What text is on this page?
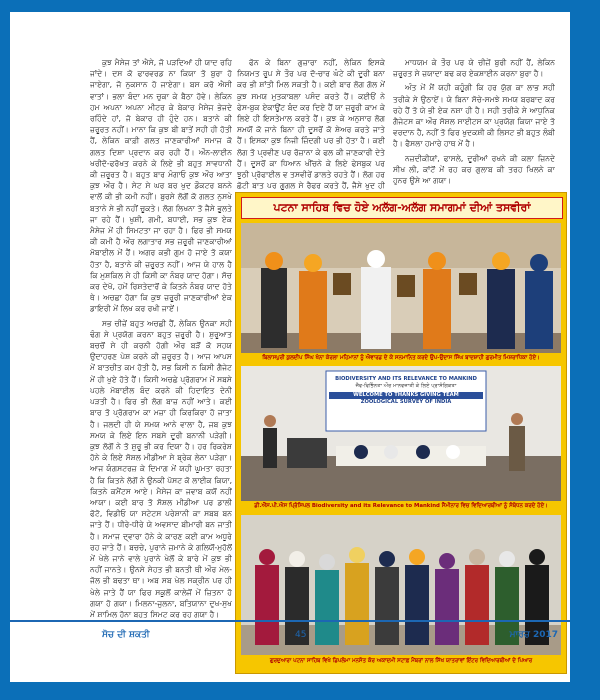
ਕੁਝ ਮੈਸੇਜ ਤਾਂ ਐਸੇ, ਜੋ ਪੜਦਿਆਂ ਹੀ ਯਾਦ ਰਹਿ ਜਾਂਦੇ। ਦਸ ਕੋ ਫਾਰਵਰਡ ਨਾ ਕਿਯਾ ਤੋ ਬੁਰਾ ਹੋ ਜਾਏਗਾ, ਜੋ ਨੁਕਸਾਨ ਹੋ ਜਾਏਗਾ। ਬਸ ਕਰੋ ਐਸੀ ਵਾਤਾਂ। ਭਲਾ ਬੰਦਾ ਮਨ ਚੁਕਾ ਕੇ ਬੈਠਾ ਹੋਵੇ। ਲੇਕਿਨ ਹਮ ਅਪਨਾ ਅਪਨਾ ਮੀਟਰ ਕੇ ਬੇਕਾਰ ਮੈਸੇਜ ਭੇਜਦੇ ਰਹਿੰਦੇ ਹਾਂ, ਜੋ ਬੇਕਾਰ ਹੀ ਹੁੰਦੇ ਹਨ। ਬਤਾਨੇ ਕੀ ਜ਼ਰੂਰਤ ਨਹੀਂ। ਮਾਨਾ ਕਿ ਕੁਝ ਬੀ ਬਾਤੇਂ ਸਹੀ ਹੀ ਹੋਤੀ ਹੈਂ, ਲੇਕਿਨ ਕਾਫ਼ੀ ਗਲਤ ਜਾਣਕਾਰੀਆਂ ਸਮਾਜ ਕੋ ਗਲਤ ਦਿਸ਼ਾ ਪ੍ਰਦਾਨ ਕਰ ਰਹੀ ਹੈਂ। ਔਨ-ਲਾਈਨ ਖਰੀਦੋ-ਫਰੋਖਤ ਕਰਨੇ ਕੇ ਲਿਏ ਭੀ ਬਹੁਤ ਸਾਵਧਾਨੀ ਕੀ ਜ਼ਰੂਰਤ ਹੈ। ਬਹੁਤ ਬਾਰ ਮੰਗਾਓ ਕੁਝ ਔਰ ਆਤਾ ਕੁਝ ਔਰ ਹੈ। ਸੇਟ ਸੇ ਘਰ ਬਰ ਖੁਦ ਡੌਕਟਰ ਬਨਨੇ ਵਾਲੋਂ ਕੀ ਭੀ ਕਮੀ ਨਹੀਂ। ਬੁਰਸੇ ਲੋਗੋਂ ਕੋ ਗਲਤ ਨੁਸਖੇ ਬਤਾਨੇ ਸੇ ਭੀ ਨਹੀਂ ਚੂਕਤੇ। ਲੋਗ ਲਿਖਨਾ ਤੋ ਜੈਸੇ ਭੂਲਤੇ ਜਾ ਰਹੇ ਹੈਂ। ਖੁਸ਼ੀ, ਗਮੀ, ਬਧਾਈ, ਸਭ ਕੁਝ ਏਕ ਮੈਸੇਜ ਮੇਂ ਹੀ ਸਿਮਟਤਾ ਜਾ ਰਹਾ ਹੈ। ਫਿਰ ਭੀ ਸਮਯ ਕੀ ਕਮੀ ਹੈ ਔਰ ਲਗਾਤਾਰ ਸਭ ਜ਼ਰੂਰੀ ਜਾਣਕਾਰੀਆਂ ਮੋਬਾਈਲ ਮੇਂ ਹੈਂ। ਅਗਰ ਕਭੀ ਗੁਮ ਹੋ ਜਾਏ ਤੋ ਕਯਾ ਹੋਤਾ ਹੈ, ਬਤਾਨੇ ਕੀ ਜ਼ਰੂਰਤ ਨਹੀਂ। ਆਜ ਯੇ ਹਾਲ ਹੈ ਕਿ ਮੁਸ਼ਕਿਲ ਸੇ ਹੀ ਕਿਸੀ ਕਾ ਨੰਬਰ ਯਾਦ ਹੋਗਾ। ਸੋਚ ਕਰ ਦੇਖੋ, ਹਮੇਂ ਰਿਸ਼ਤੇਦਾਰੋਂ ਕੇ ਕਿਤਨੇ ਨੰਬਰ ਯਾਦ ਹੋਤੇ ਥੇ। ਅਚਛਾ ਹੋਗਾ ਕਿ ਕੁਝ ਜ਼ਰੂਰੀ ਜਾਣਕਾਰੀਆਂ ਏਕ ਡਾਇਰੀ ਮੇਂ ਲਿਖ ਕਰ ਰਖੀ ਜਾਏਂ।

ਸਭ ਚੀਜ਼ੇਂ ਬਹੁਤ ਅਚਛੀ ਹੈਂ, ਲੇਕਿਨ ਉਨਕਾ ਸਹੀ ਢੰਗ ਸੇ ਪ੍ਰਯੋਗ ਕਰਨਾ ਬਹੁਤ ਜ਼ਰੂਰੀ ਹੈ। ਸ਼ੁਰੂਆਤ ਬਚਚੋਂ ਸੇ ਹੀ ਕਰਨੀ ਹੋਗੀ ਔਰ ਬੜੋਂ ਕੋ ਸਹਯ ਉਦਾਹਰਣ ਪੇਸ਼ ਕਰਨੇ ਕੀ ਜ਼ਰੂਰਤ ਹੈ। ਆਜ ਆਪਸ ਮੇਂ ਬਾਤਚੀਤ ਕਮ ਹੋਤੀ ਹੈ, ਸਭ ਕਿਸੀ ਨ ਕਿਸੀ ਗੈਜੇਟ ਮੇਂ ਹੀ ਖੁਏ ਹੋਤੇ ਹੈਂ। ਕਿਸੀ ਅਚਛੇ ਪ੍ਰੋਗਰਾਮ ਮੇਂ ਸਬਸੇ ਪਹਲੇ ਮੋਬਾਈਲ ਬੰਦ ਕਰਨੇ ਕੀ ਹਿਦਾਇਤ ਦੇਨੀ ਪੜਤੀ ਹੈ। ਫਿਰ ਭੀ ਲੋਗ ਬਾਜ਼ ਨਹੀਂ ਆਤੇ। ਕਈ ਬਾਰ ਤੋ ਪ੍ਰੋਗਰਾਮ ਕਾ ਮਜ਼ਾ ਹੀ ਕਿਰਕਿਰਾ ਹੋ ਜਾਤਾ ਹੈ। ਜਲਦੀ ਹੀ ਯੇ ਸਮਯ ਆਨੇ ਵਾਲਾ ਹੈ, ਜਬ ਕੁਝ ਸਮਯ ਕੇ ਲਿਏ ਇਨ ਸਬਸੇ ਦੂਰੀ ਬਨਾਨੀ ਪੜੇਗੀ। ਕੁਝ ਲੋਗੋਂ ਨੇ ਤੋ ਸ਼ੁਰੂ ਭੀ ਕਰ ਦਿਯਾ ਹੈ। ਹਰ ਰਿਕਰੇਸ਼ ਹੋਨੇ ਕੇ ਲਿਏ ਸੋਸ਼ਲ ਮੀਡੀਆ ਸੇ ਬ੍ਰੇਕ ਲੇਨਾ ਪੜੇਗਾ। ਆਜ ਯੰਗਸਟਰਜ਼ ਕੇ ਦਿਮਾਗ ਮੇਂ ਯਹੀ ਘੂਮਤਾ ਰਹਤਾ ਹੈ ਕਿ ਕਿਤਨੇ ਲੋਗੋਂ ਨੇ ਉਨਕੀ ਪੋਸਟ ਕੋ ਲਾਈਕ ਕਿਯਾ, ਕਿਤਨੇ ਕਮੈਂਟਸ ਆਏ। ਮੈਸੇਜ ਕਾ ਜਵਾਬ ਕਯੋਂ ਨਹੀਂ ਆਯਾ। ਕਈ ਬਾਰ ਤੋ ਸੋਸ਼ਲ ਮੀਡੀਆ ਪਰ ਡਾਲੀ ਫੋਟੋ, ਵਿਡੀਓ ਯਾ ਸਟੇਟਸ ਪਰੇਸ਼ਾਨੀ ਕਾ ਸਬਬ ਬਨ ਜਾਤੇ ਹੈਂ। ਧੀਰੇ-ਧੀਰੇ ਯੇ ਅਵਸਾਦ ਬੀਮਾਰੀ ਬਨ ਜਾਤੀ ਹੈ। ਸਮਾਜ ਦ੍ਵਾਰਾ ਹੋਨੇ ਕੇ ਕਾਰਣ ਕਈ ਕਾਮ ਅਧੂਰੇ ਰਹ ਜਾਤੇ ਹੈਂ। ਬਚਚੇ, ਪੁਰਾਨੇ ਜ਼ਮਾਨੇ ਕੇ ਗਲਿਯੋਂ-ਮੁਹੱਲੋਂ ਮੇਂ ਖੇਲੇ ਜਾਨੇ ਵਾਲੇ ਪੁਰਾਨੇ ਖੇਲੋਂ ਕੇ ਬਾਰੇ ਮੇਂ ਕੁਝ ਭੀ ਨਹੀਂ ਜਾਨਤੇ। ਉਨਸੇ ਸੇਹਤ ਭੀ ਬਨਤੀ ਥੀ ਔਰ ਮੇਲ-ਜੋਲ ਭੀ ਬਢਤਾ ਥਾ। ਅਬ ਸਬ ਖੇਲ ਸਕ੍ਰੀਨ ਪਰ ਹੀ ਖੇਲੇ ਜਾਤੇ ਹੈਂ ਯਾ ਫਿਰ ਸਕੂਲੋਂ ਕਾਲੇਜੋਂ ਮੇਂ ਜ਼ਿਤਨਾ ਹੋ ਗਯਾ ਹੋ ਗਯਾ। ਮਿਲਨਾ-ਜੁਲਨਾ, ਬਤਿਯਾਨਾ ਦੁਖ-ਸੁਖ ਮੇਂ ਸ਼ਾਮਿਲ ਹੋਨਾ ਬਹੁਤ ਸਿਮਟ ਕਰ ਰਹ ਗਯਾ ਹੈ।

ਫੋਨ ਕੇ ਬਿਨਾ ਗੁਜ਼ਾਰਾ ਨਹੀਂ, ਲੇਕਿਨ ਇਸਕੇ ਨਿਯਮਤ ਰੂਪ ਸੇ ਤੌਰ ਪਰ ਦੋ-ਚਾਰ ਘੰਟੇ ਕੀ ਦੂਰੀ ਬਨਾ ਕਰ ਭੀ ਸ਼ਾਂਤੀ ਮਿਲ ਸਕਤੀ ਹੈ। ਕਈ ਬਾਰ ਲੋਗ ਗੱਲ ਮੇਂ ਕੁਝ ਸਮਯ ਮੁਤਕਾਬਲਾ ਪਸੰਦ ਕਰਤੇ ਹੈਂ। ਕਈਓਂ ਨੇ ਫੇਸ-ਬੁਕ ਏਕਾਊਂਟ ਬੰਦ ਕਰ ਦਿਏ ਹੈਂ ਯਾ ਜ਼ਰੂਰੀ ਕਾਮ ਕੇ ਲਿਏ ਹੀ ਇਸਤੇਮਾਲ ਕਰਤੇ ਹੈਂ। ਕੁਝ ਕੇ ਅਨੁਸਾਰ ਲੋਗ ਸਮਯੋਂ ਕੋ ਜਾਨੇ ਬਿਨਾ ਹੀ ਦੂਸਰੋਂ ਕੋ ਸ਼ੇਅਰ ਕਰਤੇ ਜਾਤੇ ਹੈਂ। ਇਸਕਾ ਕੁਝ ਨਿਜੀ ਜ਼ਿੰਦਗੀ ਪਰ ਭੀ ਹੋਤਾ ਹੈ। ਕਈ ਲੋਗ ਤੋ ਪ੍ਰਵੀਣ ਪਰ ਰੋਜ਼ਾਨਾ ਕੇ ਫਲ ਕੀ ਜਾਣਕਾਰੀ ਦੇਤੇ ਹੈਂ। ਦੂਸਰੋਂ ਕਾ ਧਿਆਨ ਖੀਂਚਨੇ ਕੇ ਲਿਏ ਫੇਸਬੁਕ ਪਰ ਝੂਠੀ ਪ੍ਰੋਫਾਈਲ ਵ ਤਸਵੀਰੇਂ ਡਾਲਤੇ ਰਹਤੇ ਹੈਂ। ਲੋਗ ਹਰ ਛੋਟੀ ਬਾਤ ਪਰ ਗੂਗਲ ਸੇ ਰੈਫਰ ਕਰਤੇ ਹੈਂ, ਜੈਸੇ ਖੁਦ ਹੀ

ਮਾਧਯਮ ਕੇ ਤੌਰ ਪਰ ਯੇ ਚੀਜ਼ੇਂ ਬੁਰੀ ਨਹੀਂ ਹੈਂ, ਲੇਕਿਨ ਜ਼ਰੂਰਤ ਸੇ ਜ਼ਯਾਦਾ ਬਢ ਕਰ ਏਕਸ਼ਾਈਨ ਕਰਨਾ ਬੁਰਾ ਹੈ।

ਅੰਤ ਮੇਂ ਮੈਂ ਯਹੀ ਕਹੂੰਗੀ ਕਿ ਹਰ ਯੁੱਗ ਕਾ ਲਾਭ ਸਹੀ ਤਰੀਕੇ ਸੇ ਉਠਾਏਂ। ਯੇ ਬਿਨਾ ਸੋਚੇ-ਸਮਝੇ ਸਮਯ ਬਰਬਾਦ ਕਰ ਰਹੇ ਹੈਂ ਤੋ ਯੇ ਭੀ ਏਕ ਨਸ਼ਾ ਹੀ ਹੈ। ਸਹੀ ਤਰੀਕੇ ਸੇ ਆਧੁਨਿਕ ਗੈਜੇਟਸ ਕਾ ਔਰ ਸੋਸ਼ਲ ਸਾਈਟਸ ਕਾ ਪ੍ਰਯੋਗ ਕਿਯਾ ਜਾਏ ਤੋ ਵਰਦਾਨ ਹੈ, ਨਹੀਂ ਤੋ ਫਿਰ ਖੁਦਕਸ਼ੀ ਕੀ ਲਿਸਟ ਭੀ ਬਹੁਤ ਲੰਬੀ ਹੈ। ਫੈਸਲਾ ਹਮਾਰੇ ਹਾਥ ਮੇਂ ਹੈ।

ਨਜ਼ਦੀਕੀਯਾਂ, ਫਾਸਲੇ, ਦੂਰੀਆਂ ਰਖਨੇ ਕੀ ਕਲਾ ਜ਼ਿਨਦੇ ਸੀਖ ਲੀ, ਕਾਂਟੋਂ ਮੇਂ ਰਹ ਕਰ ਗੁਲਾਬ ਕੀ ਤਰਹ ਖਿਲਨੇ ਕਾ ਹੁਨਰ ਉਸੇ ਆ ਗਯਾ।

ਪਟਨਾ ਸਾਹਿਬ ਵਿਚ ਹੋਏ ਅਲੱਗ-ਅਲੱਗ ਸਮਾਗਮਾਂ ਦੀਆਂ ਤਸਵੀਰਾਂ
ਬਿਲਾਸਪੁਰੀ ਕੁਲਦੀਪ ਸਿੰਘ ਖੰਨਾ ਕੇਰਲਾ ਮਹਿਮਾਨਾਂ ਨੂੰ ਐਵਾਰਡ ਦੇ ਕੇ ਸਨਮਾਨਿਤ ਕਰਦੇ ਉਪ-ਉਦਾਸ ਸਿੰਘ ਬਾਦਸ਼ਾਹੀ ਗੁਰਮੀਤ ਮਿਸ਼ਰਾਧਿਕਾ ਹੋਏ।
BIODIVERSITY AND ITS RELEVANCE TO MANKIND
ਜੈਵ-ਵਿਭਿੰਨਤਾ ਔਰ ਮਾਨਵਜਾਤੀ ਕੇ ਲਿਏ ਪ੍ਰਾਸੰਗਿਕਤਾ
WELCOME TO THANKS GIVING TEAM
ZOOLOGICAL SURVEY OF INDIA
ਡੀ.ਐੱਸ.ਪੀ.ਐਸ ਪ੍ਰਿੰਸਿਪਲ Biodiversity and its Relevance to Mankind ਸੈਮੀਨਾਰ ਵਿਚ ਵਿਦਿਆਰਥੀਆਂ ਨੂੰ ਸੰਬੋਧਨ ਕਰਦੇ ਹੋਏ।
ਗੁਰਦੁਆਰਾ ਪਟਨਾ ਸਾਹਿਬ ਵਿਖੇ ਡਿਪਲੋਮਾ ਮਨਸੋਤ ਕੋਰ ਅਕਾਦਮੀ ਸਟਾਫ਼ ਮੈਂਬਰਾਂ ਨਾਲ ਸਿੱਖ ਯਾਤਰਾਵਾਂ ਇੰਟਰ ਵਿਦਿਆਰਥੀਆਂ ਦੇ ਪਿਆਰ
ਸੋਚ ਦੀ ਸ਼ਕਤੀ	45	ਮਾਰਚ 2017
